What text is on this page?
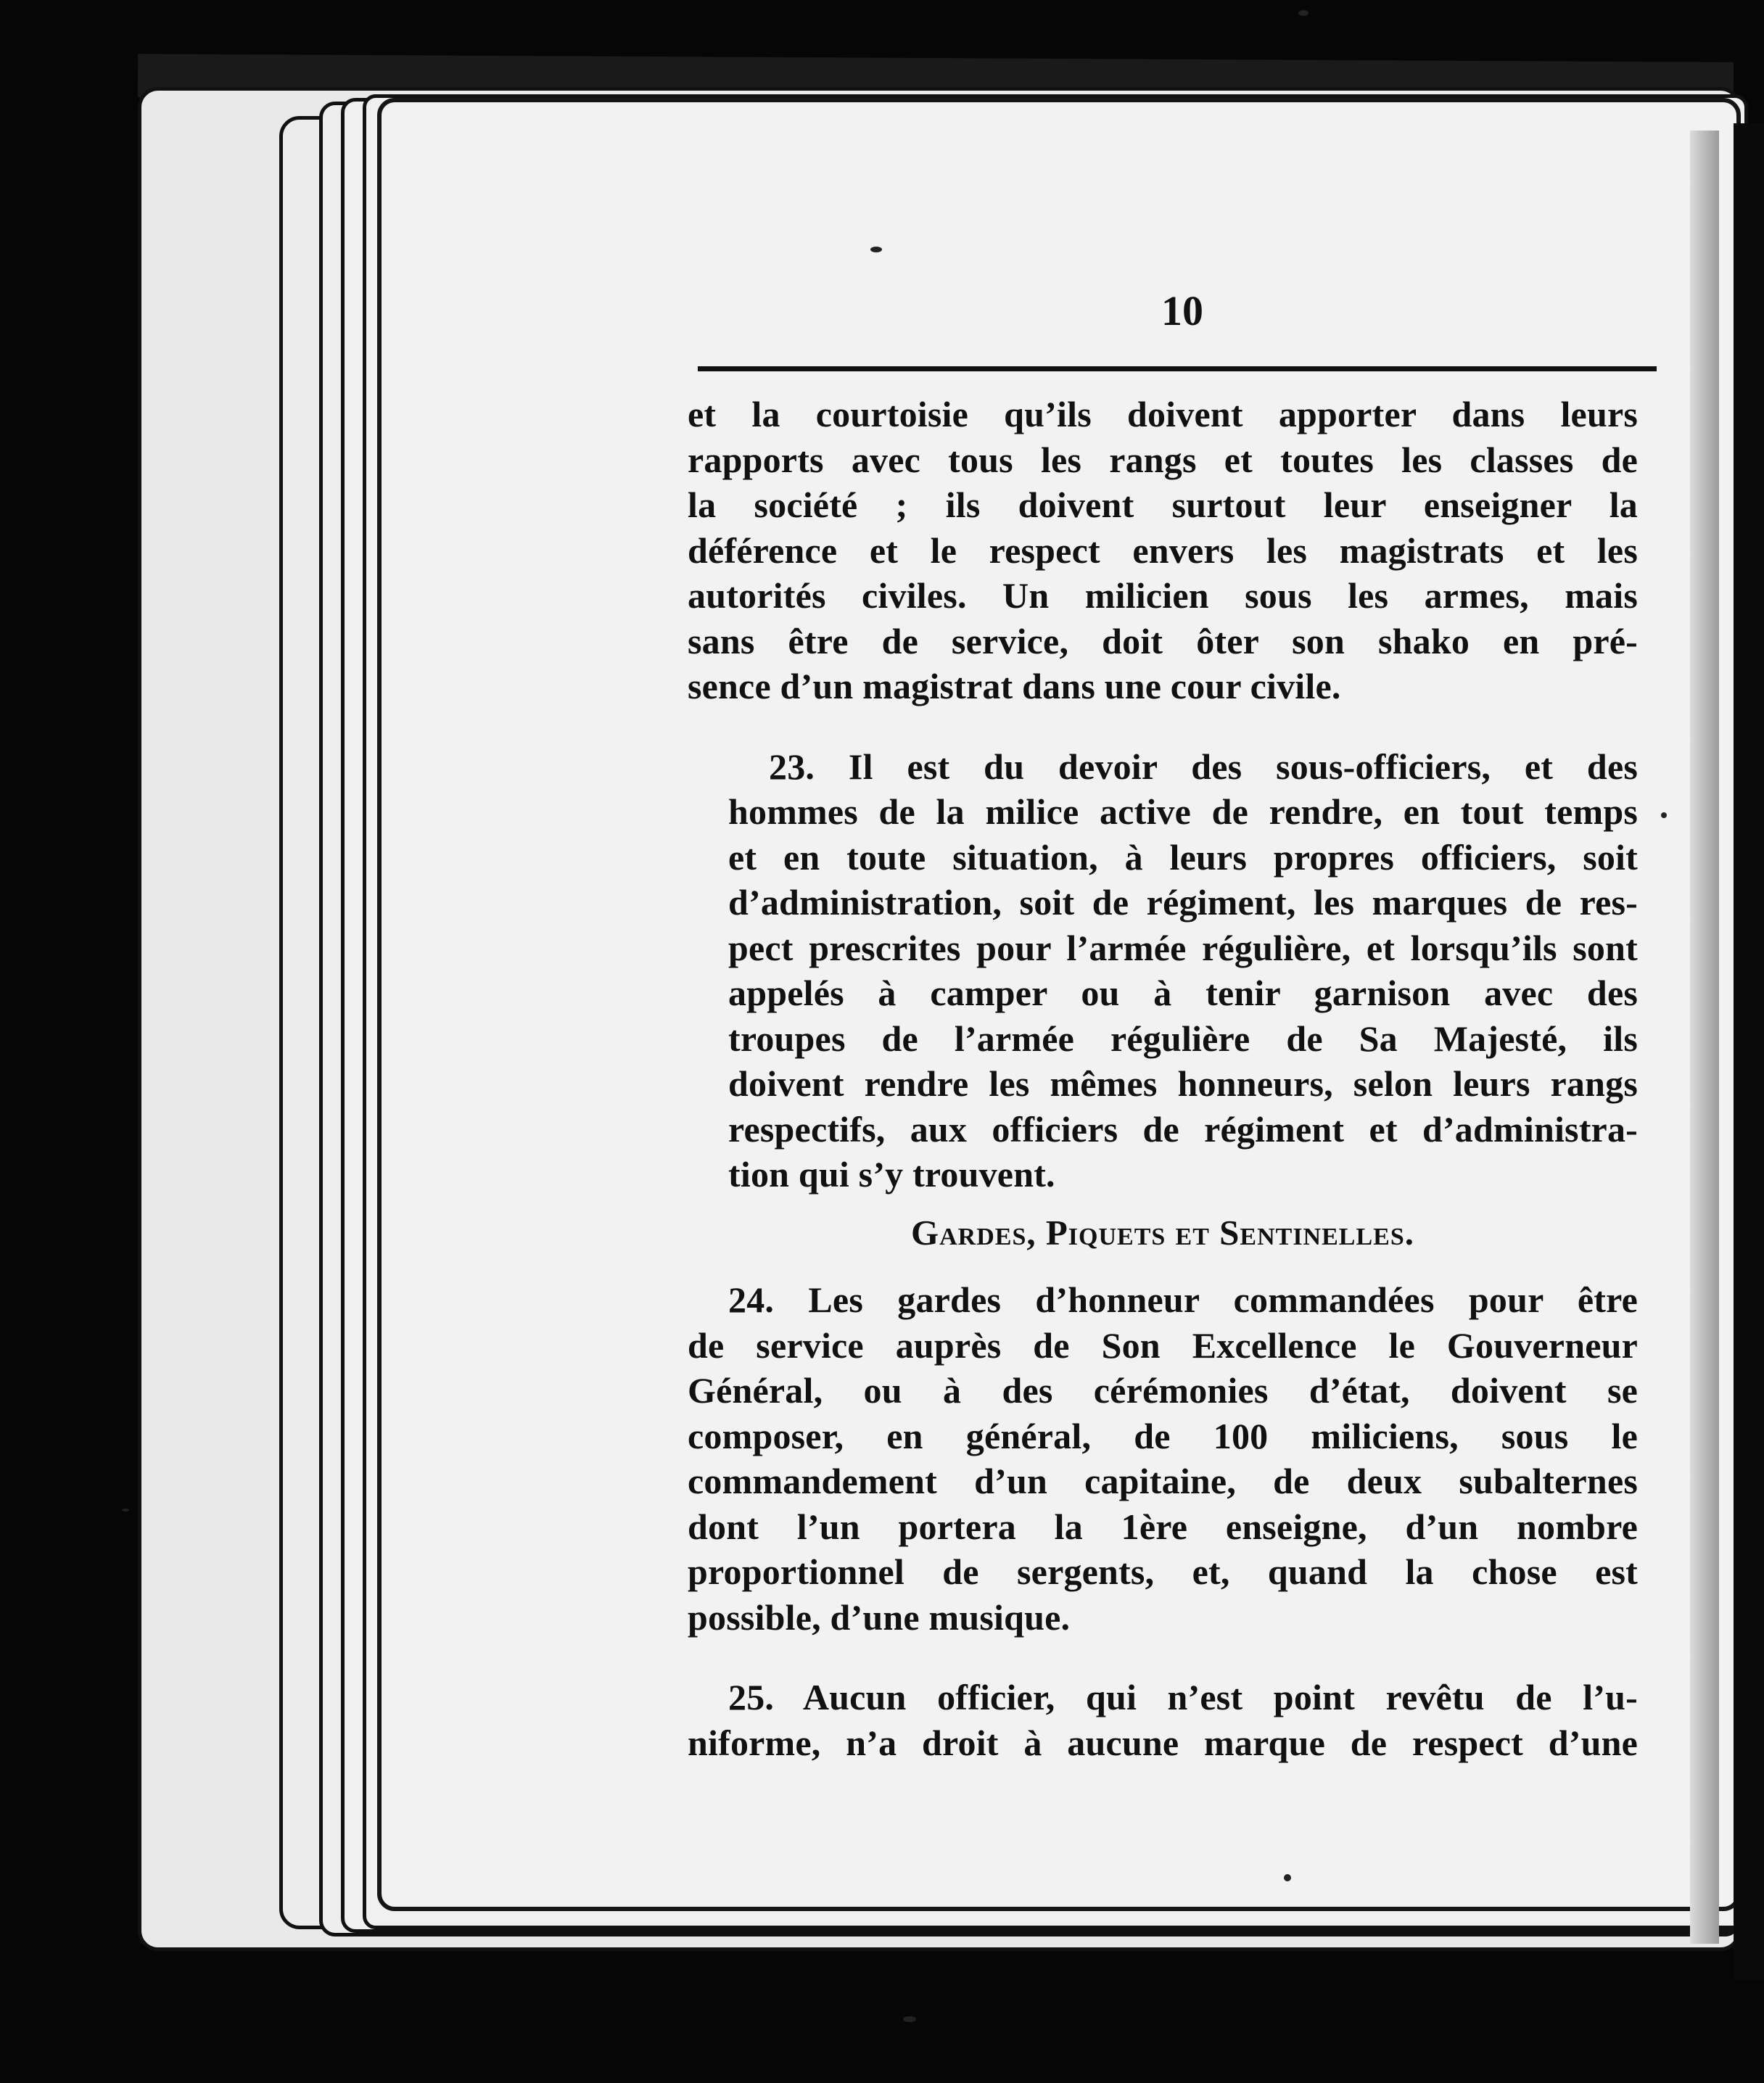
10

et la courtoisie qu’ils doivent apporter dans leurs
rapports avec tous les rangs et toutes les classes de
la société ; ils doivent surtout leur enseigner la
déférence et le respect envers les magistrats et les
autorités civiles. Un milicien sous les armes, mais
sans être de service, doit ôter son shako en pré-
sence d’un magistrat dans une cour civile.

23. Il est du devoir des sous-officiers, et des
hommes de la milice active de rendre, en tout temps
et en toute situation, à leurs propres officiers, soit
d’administration, soit de régiment, les marques de res-
pect prescrites pour l’armée régulière, et lorsqu’ils sont
appelés à camper ou à tenir garnison avec des
troupes de l’armée régulière de Sa Majesté, ils
doivent rendre les mêmes honneurs, selon leurs rangs
respectifs, aux officiers de régiment et d’administra-
tion qui s’y trouvent.

Gardes, Piquets et Sentinelles.

24. Les gardes d’honneur commandées pour être
de service auprès de Son Excellence le Gouverneur
Général, ou à des cérémonies d’état, doivent se
composer, en général, de 100 miliciens, sous le
commandement d’un capitaine, de deux subalternes
dont l’un portera la 1ère enseigne, d’un nombre
proportionnel de sergents, et, quand la chose est
possible, d’une musique.

25. Aucun officier, qui n’est point revêtu de l’u-
niforme, n’a droit à aucune marque de respect d’une
